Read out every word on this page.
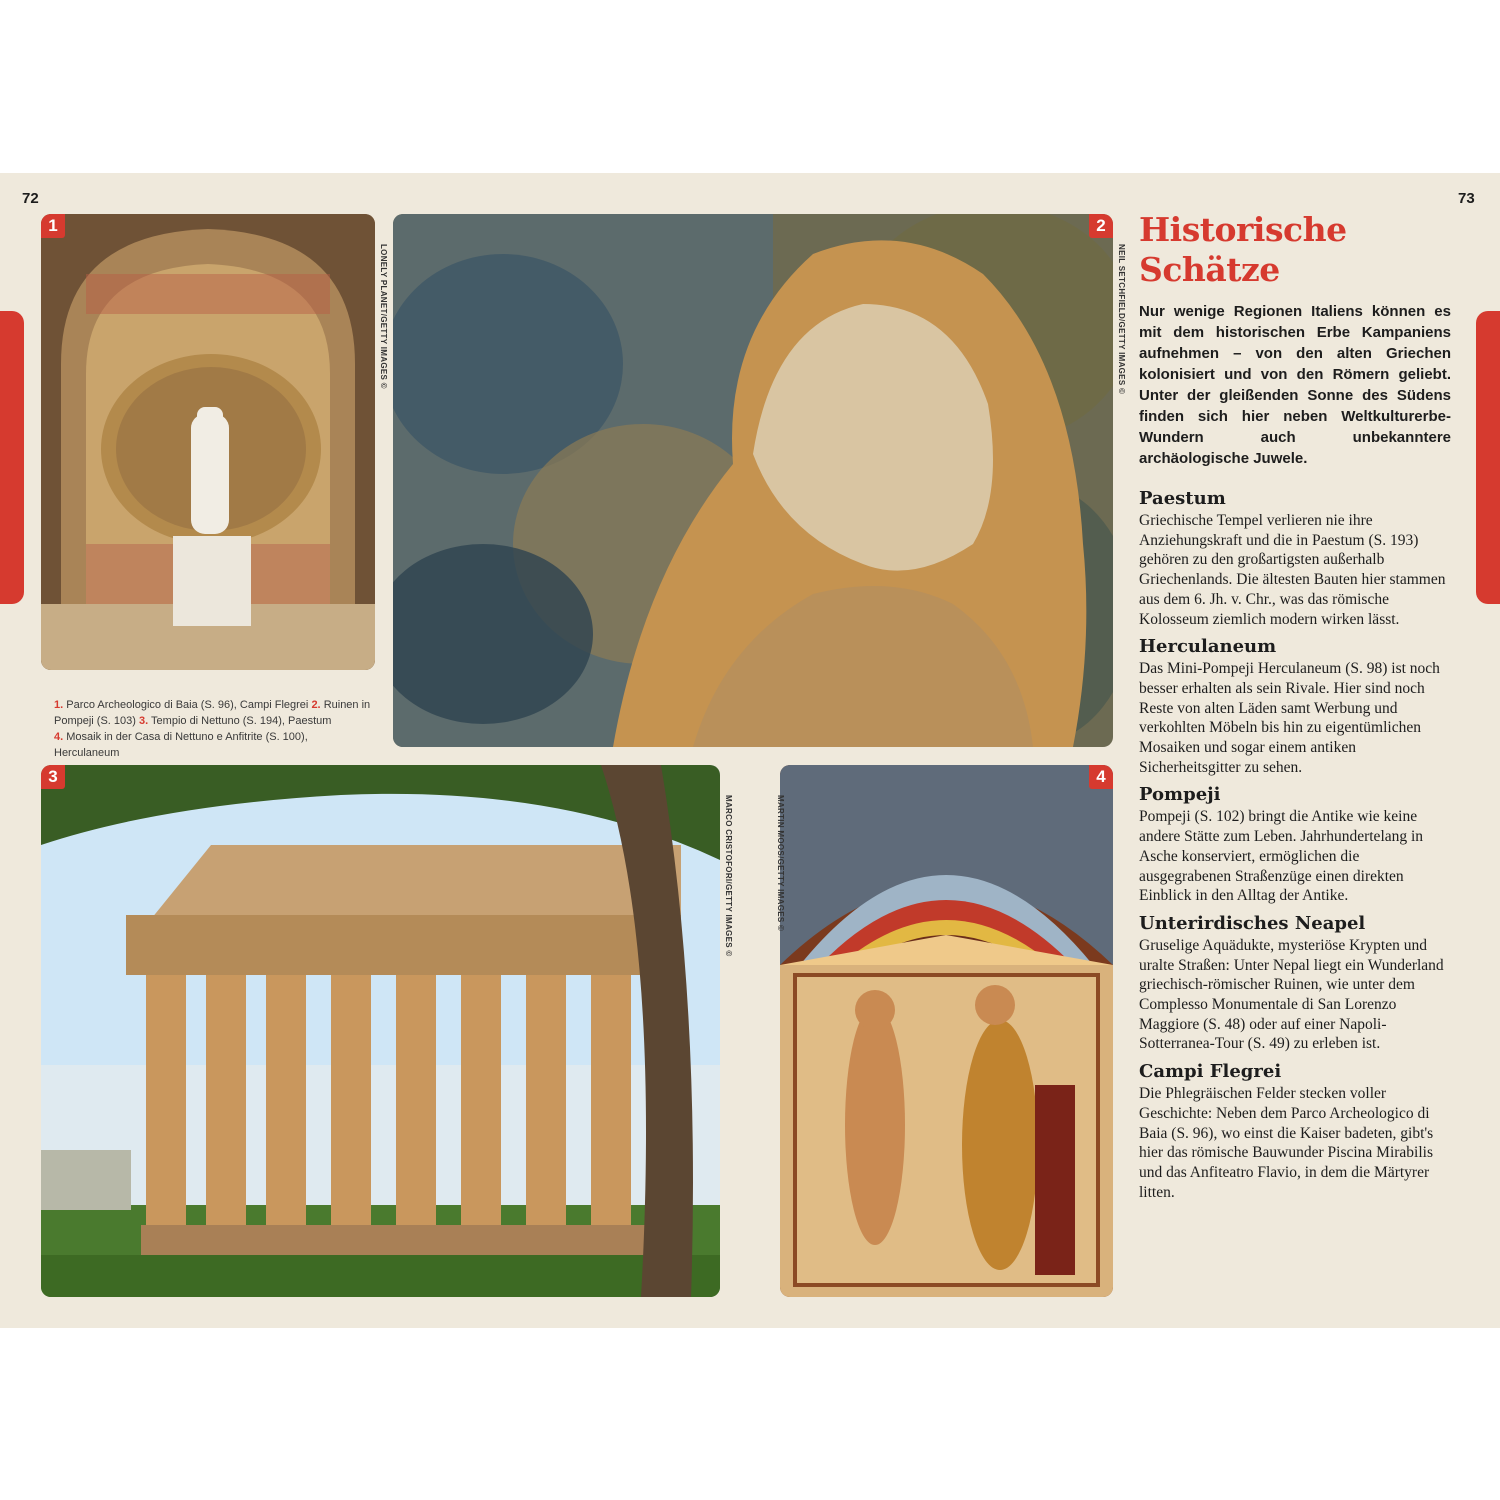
72	73
1
LONELY PLANET/GETTY IMAGES ©
2
NEIL SETCHFIELD/GETTY IMAGES ©
3
MARCO CRISTOFORI/GETTY IMAGES ©
4
MARTIN MOOS/GETTY IMAGES ©
1. Parco Archeologico di Baia (S. 96), Campi Flegrei 2. Ruinen in Pompeji (S. 103) 3. Tempio di Nettuno (S. 194), Paestum
4. Mosaik in der Casa di Nettuno e Anfitrite (S. 100), Herculaneum
Historische
Schätze

Nur wenige Regionen Italiens können es mit dem historischen Erbe Kampaniens aufnehmen – von den alten Griechen kolonisiert und von den Römern geliebt. Unter der gleißenden Sonne des Südens finden sich hier neben Weltkulturerbe-Wundern auch unbekanntere archäologische Juwele.

Paestum

Griechische Tempel verlieren nie ihre Anziehungskraft und die in Paestum (S. 193) gehören zu den großartigsten außerhalb Griechenlands. Die ältesten Bauten hier stammen aus dem 6. Jh. v. Chr., was das römische Kolosseum ziemlich modern wirken lässt.

Herculaneum

Das Mini-Pompeji Herculaneum (S. 98) ist noch besser erhalten als sein Rivale. Hier sind noch Reste von alten Läden samt Werbung und verkohlten Möbeln bis hin zu eigentümlichen Mosaiken und sogar einem antiken Sicherheitsgitter zu sehen.

Pompeji

Pompeji (S. 102) bringt die Antike wie keine andere Stätte zum Leben. Jahrhundertelang in Asche konserviert, ermöglichen die ausgegrabenen Straßenzüge einen direkten Einblick in den Alltag der Antike.

Unterirdisches Neapel

Gruselige Aquädukte, mysteriöse Krypten und uralte Straßen: Unter Nepal liegt ein Wunderland griechisch-römischer Ruinen, wie unter dem Complesso Monumentale di San Lorenzo Maggiore (S. 48) oder auf einer Napoli-Sotterranea-Tour (S. 49) zu erleben ist.

Campi Flegrei

Die Phlegräischen Felder stecken voller Geschichte: Neben dem Parco Archeologico di Baia (S. 96), wo einst die Kaiser badeten, gibt's hier das römische Bauwunder Piscina Mirabilis und das Anfiteatro Flavio, in dem die Märtyrer litten.
